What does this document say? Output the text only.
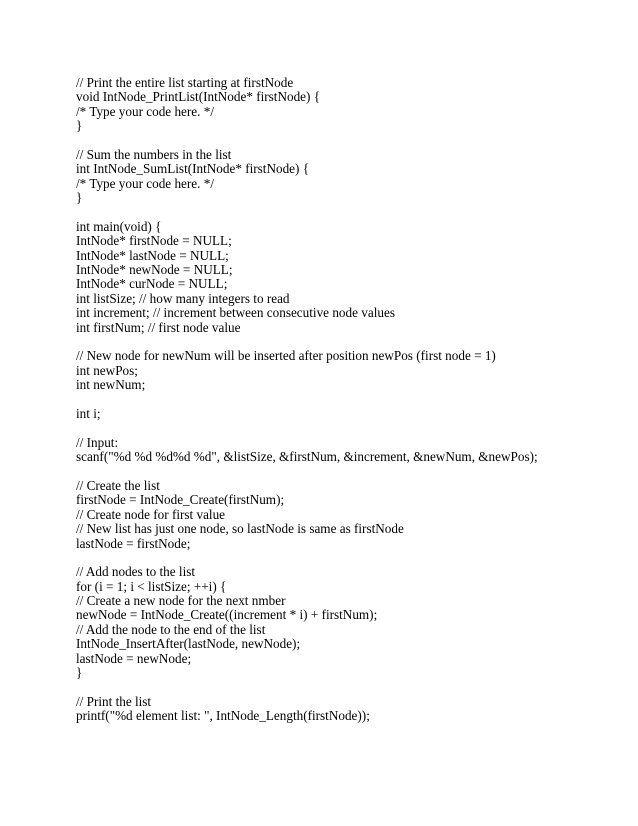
// Print the entire list starting at firstNode
void IntNode_PrintList(IntNode* firstNode) {
/* Type your code here. */
}
// Sum the numbers in the list
int IntNode_SumList(IntNode* firstNode) {
/* Type your code here. */
}
int main(void) {
IntNode* firstNode = NULL;
IntNode* lastNode = NULL;
IntNode* newNode = NULL;
IntNode* curNode = NULL;
int listSize; // how many integers to read
int increment; // increment between consecutive node values
int firstNum; // first node value
// New node for newNum will be inserted after position newPos (first node = 1)
int newPos;
int newNum;
int i;
// Input:
scanf("%d %d %d%d %d", &listSize, &firstNum, &increment, &newNum, &newPos);
// Create the list
firstNode = IntNode_Create(firstNum);
// Create node for first value
// New list has just one node, so lastNode is same as firstNode
lastNode = firstNode;
// Add nodes to the list
for (i = 1; i < listSize; ++i) {
// Create a new node for the next nmber
newNode = IntNode_Create((increment * i) + firstNum);
// Add the node to the end of the list
IntNode_InsertAfter(lastNode, newNode);
lastNode = newNode;
}
// Print the list
printf("%d element list: ", IntNode_Length(firstNode));
